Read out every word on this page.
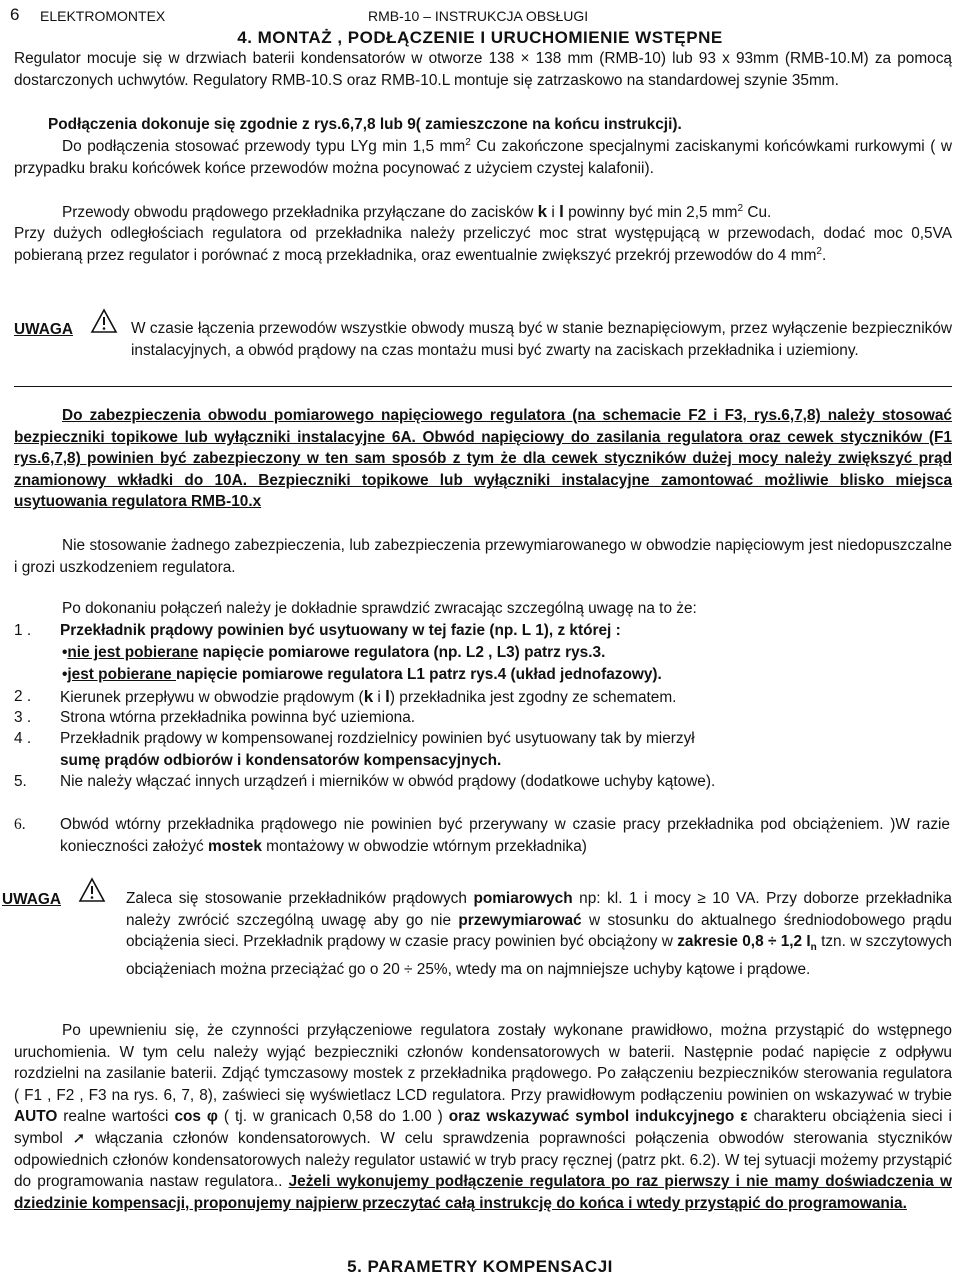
6 ELEKTROMONTEX	RMB-10 – INSTRUKCJA OBSŁUGI
4. MONTAŻ , PODŁĄCZENIE I URUCHOMIENIE WSTĘPNE
Regulator mocuje się w drzwiach baterii kondensatorów w otworze 138 × 138 mm (RMB-10) lub 93 x 93mm (RMB-10.M) za pomocą dostarczonych uchwytów. Regulatory RMB-10.S oraz RMB-10.L montuje się zatrzaskowo na standardowej szynie 35mm.
Podłączenia dokonuje się zgodnie z rys.6,7,8 lub 9( zamieszczone na końcu instrukcji).
Do podłączenia stosować przewody typu LYg min 1,5 $mm^2$ Cu zakończone specjalnymi zaciskanymi końcówkami rurkowymi ( w przypadku braku końcówek końce przewodów można pocynować z użyciem czystej kalafonii).
Przewody obwodu prądowego przekładnika przyłączane do zacisków k i l powinny być min 2,5 $mm^2$ Cu.
Przy dużych odległościach regulatora od przekładnika należy przeliczyć moc strat występującą w przewodach, dodać moc 0,5VA pobieraną przez regulator i porównać z mocą przekładnika, oraz ewentualnie zwiększyć przekrój przewodów do 4 $mm^2$.
UWAGA	W czasie łączenia przewodów wszystkie obwody muszą być w stanie beznapięciowym, przez wyłączenie bezpieczników instalacyjnych, a obwód prądowy na czas montażu musi być zwarty na zaciskach przekładnika i uziemiony.
Do zabezpieczenia obwodu pomiarowego napięciowego regulatora (na schemacie F2 i F3, rys.6,7,8) należy stosować bezpieczniki topikowe lub wyłączniki instalacyjne 6A. Obwód napięciowy do zasilania regulatora oraz cewek styczników (F1 rys.6,7,8) powinien być zabezpieczony w ten sam sposób z tym że dla cewek styczników dużej mocy należy zwiększyć prąd znamionowy wkładki do 10A. Bezpieczniki topikowe lub wyłączniki instalacyjne zamontować możliwie blisko miejsca usytuowania regulatora RMB-10.x
Nie stosowanie żadnego zabezpieczenia, lub zabezpieczenia przewymiarowanego w obwodzie napięciowym jest niedopuszczalne i grozi uszkodzeniem regulatora.
Po dokonaniu połączeń należy je dokładnie sprawdzić zwracając szczególną uwagę na to że:
1 . Przekładnik prądowy powinien być usytuowany w tej fazie (np. L 1), z której :
•nie jest pobierane napięcie pomiarowe regulatora (np. L2 , L3) patrz rys.3.
•jest pobierane napięcie pomiarowe regulatora L1 patrz rys.4 (układ jednofazowy).
2 . Kierunek przepływu w obwodzie prądowym (k i l) przekładnika jest zgodny ze schematem.
3 . Strona wtórna przekładnika powinna być uziemiona.
4 . Przekładnik prądowy w kompensowanej rozdzielnicy powinien być usytuowany tak by mierzył
sumę prądów odbiorów i kondensatorów kompensacyjnych.
5. Nie należy włączać innych urządzeń i mierników w obwód prądowy (dodatkowe uchyby kątowe).
6. Obwód wtórny przekładnika prądowego nie powinien być przerywany w czasie pracy przekładnika pod obciążeniem. )W razie konieczności założyć mostek montażowy w obwodzie wtórnym przekładnika)
UWAGA	Zaleca się stosowanie przekładników prądowych pomiarowych np: kl. 1 i mocy ≥ 10 VA. Przy doborze przekładnika należy zwrócić szczególną uwagę aby go nie przewymiarować w stosunku do aktualnego średniodobowego prądu obciążenia sieci. Przekładnik prądowy w czasie pracy powinien być obciążony w zakresie 0,8 ÷ 1,2 $I_n$ tzn. w szczytowych obciążeniach można przeciążać go o 20 ÷ 25%, wtedy ma on najmniejsze uchyby kątowe i prądowe.
Po upewnieniu się, że czynności przyłączeniowe regulatora zostały wykonane prawidłowo, można przystąpić do wstępnego uruchomienia. W tym celu należy wyjąć bezpieczniki członów kondensatorowych w baterii. Następnie podać napięcie z odpływu rozdzielni na zasilanie baterii. Zdjąć tymczasowy mostek z przekładnika prądowego. Po załączeniu bezpieczników sterowania regulatora ( F1 , F2 , F3 na rys. 6, 7, 8), zaświeci się wyświetlacz LCD regulatora. Przy prawidłowym podłączeniu powinien on wskazywać w trybie AUTO realne wartości cos φ ( tj. w granicach 0,58 do 1.00 ) oraz wskazywać symbol indukcyjnego ε charakteru obciążenia sieci i symbol ➚ włączania członów kondensatorowych. W celu sprawdzenia poprawności połączenia obwodów sterowania styczników odpowiednich członów kondensatorowych należy regulator ustawić w tryb pracy ręcznej (patrz pkt. 6.2). W tej sytuacji możemy przystąpić do programowania nastaw regulatora.. Jeżeli wykonujemy podłączenie regulatora po raz pierwszy i nie mamy doświadczenia w dziedzinie kompensacji, proponujemy najpierw przeczytać całą instrukcję do końca i wtedy przystąpić do programowania.
5. PARAMETRY KOMPENSACJI
